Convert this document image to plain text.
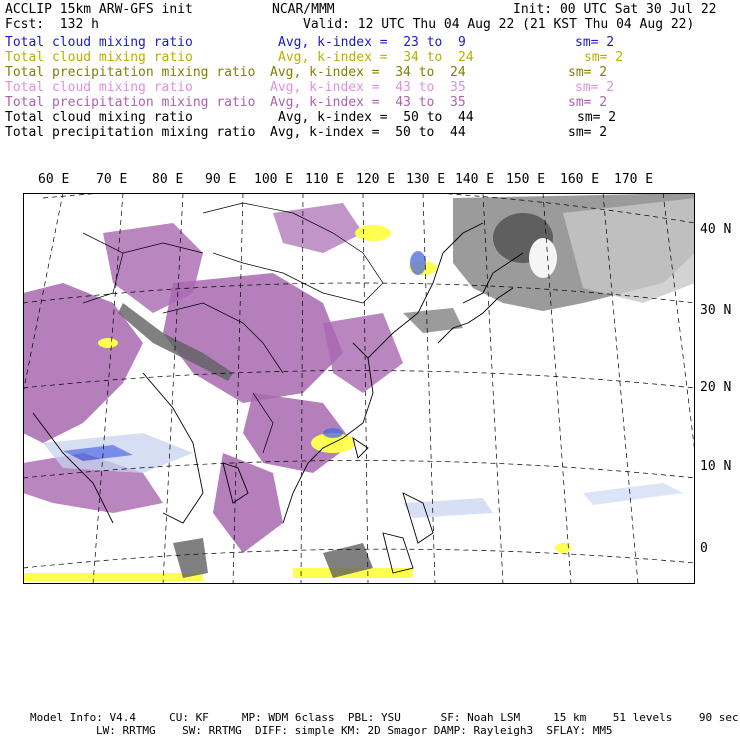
ACCLIP 15km ARW-GFS init	NCAR/MMM	Init: 00 UTC Sat 30 Jul 22
Fcst:  132 h	Valid: 12 UTC Thu 04 Aug 22 (21 KST Thu 04 Aug 22)
Total cloud mixing ratio	Avg, k-index =  23 to  9	sm= 2
Total cloud mixing ratio	Avg, k-index =  34 to  24	sm= 2
Total precipitation mixing ratio Avg, k-index =  34 to  24	sm= 2
Total cloud mixing ratio	Avg, k-index =  43 to  35	sm= 2
Total precipitation mixing ratio Avg, k-index =  43 to  35	sm= 2
Total cloud mixing ratio	Avg, k-index =  50 to  44	sm= 2
Total precipitation mixing ratio Avg, k-index =  50 to  44	sm= 2
60 E 70 E 80 E 90 E 100 E 110 E 120 E 130 E 140 E 150 E 160 E 170 E
40 N
30 N
20 N
10 N
0
Model Info: V4.4     CU: KF     MP: WDM 6class  PBL: YSU      SF: Noah LSM     15 km    51 levels    90 sec
LW: RRTMG    SW: RRTMG  DIFF: simple KM: 2D Smagor DAMP: Rayleigh3  SFLAY: MM5
